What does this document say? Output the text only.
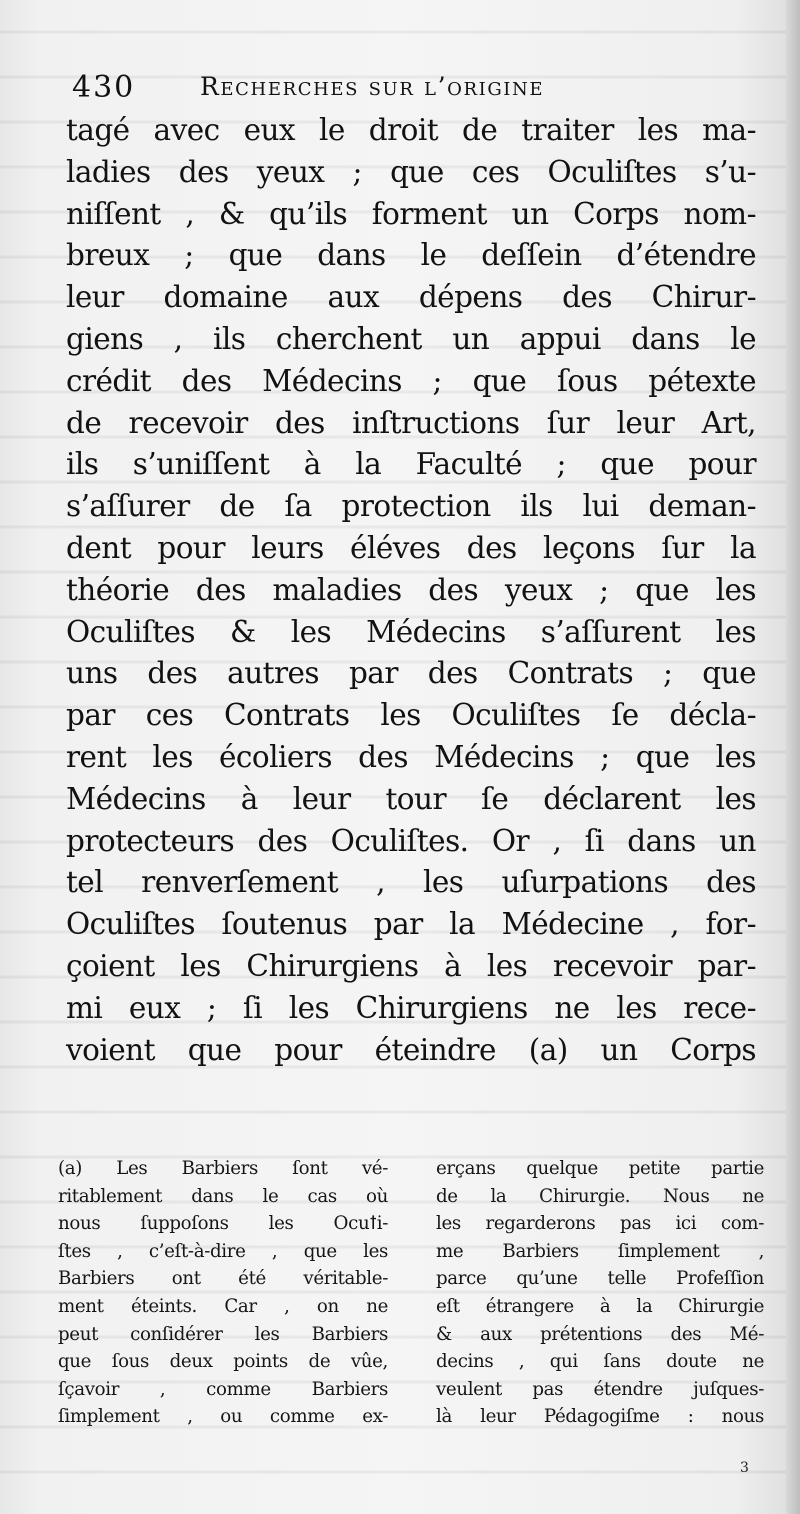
430	Recherches sur l’origine
tagé avec eux le droit de traiter les ma-
ladies des yeux ; que ces Oculiſtes s’u-
niſſent , & qu’ils forment un Corps nom-
breux ; que dans le deſſein d’étendre
leur domaine aux dépens des Chirur-
giens , ils cherchent un appui dans le
crédit des Médecins ; que ſous pétexte
de recevoir des inſtructions ſur leur Art,
ils s’uniſſent à la Faculté ; que pour
s’aſſurer de ſa protection ils lui deman-
dent pour leurs éléves des leçons ſur la
théorie des maladies des yeux ; que les
Oculiſtes & les Médecins s’aſſurent les
uns des autres par des Contrats ; que
par ces Contrats les Oculiſtes ſe décla-
rent les écoliers des Médecins ; que les
Médecins à leur tour ſe déclarent les
protecteurs des Oculiſtes. Or , ſi dans un
tel renverſement , les uſurpations des
Oculiſtes ſoutenus par la Médecine , for-
çoient les Chirurgiens à les recevoir par-
mi eux ; ſi les Chirurgiens ne les rece-
voient que pour éteindre (a) un Corps
(a) Les Barbiers ſont vé-
ritablement dans le cas où
nous ſuppoſons les Ocuꝉi-
ſtes , c’eſt-à-dire , que les
Barbiers ont été véritable-
ment éteints. Car , on ne
peut conſidérer les Barbiers
que ſous deux points de vûe,
ſçavoir , comme Barbiers
ſimplement , ou comme ex-
erçans quelque petite partie
de la Chirurgie. Nous ne
les regarderons pas ici com-
me Barbiers ſimplement ,
parce qu’une telle Profeſſion
eſt étrangere à la Chirurgie
& aux prétentions des Mé-
decins , qui ſans doute ne
veulent pas étendre juſques-
là leur Pédagogiſme : nous
3
